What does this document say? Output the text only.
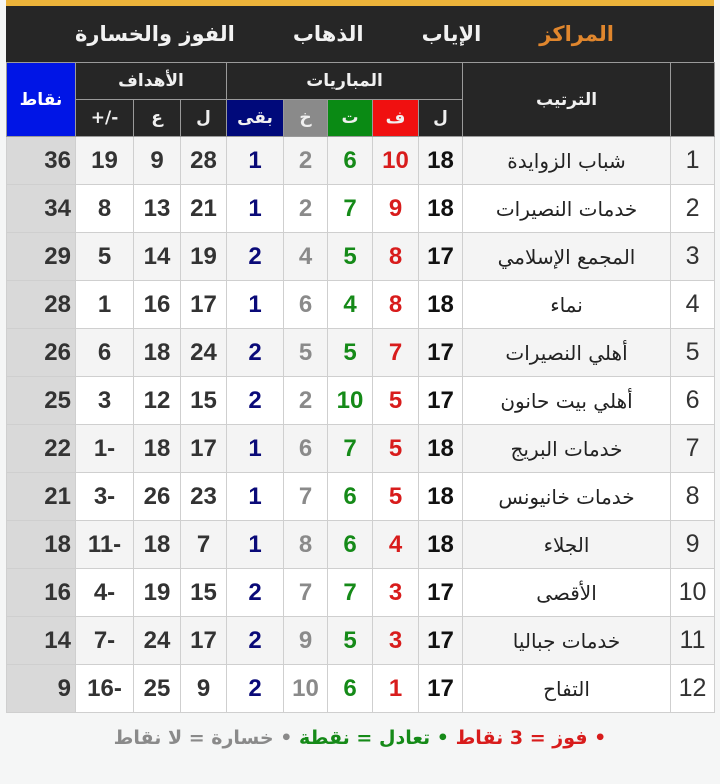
المراكز
الإياب
الذهاب
الفوز والخسارة
نقاط	الأهداف			المباريات					الترتيب	
	+/-	ع	ل	بقى	خ	ت	ف	ل		
36	19	9	28	1	2	6	10	18	شباب الزوايدة	1
34	8	13	21	1	2	7	9	18	خدمات النصيرات	2
29	5	14	19	2	4	5	8	17	المجمع الإسلامي	3
28	1	16	17	1	6	4	8	18	نماء	4
26	6	18	24	2	5	5	7	17	أهلي النصيرات	5
25	3	12	15	2	2	10	5	17	أهلي بيت حانون	6
22	1-	18	17	1	6	7	5	18	خدمات البريج	7
21	3-	26	23	1	7	6	5	18	خدمات خانيونس	8
18	11-	18	7	1	8	6	4	18	الجلاء	9
16	4-	19	15	2	7	7	3	17	الأقصى	10
14	7-	24	17	2	9	5	3	17	خدمات جباليا	11
9	16-	25	9	2	10	6	1	17	التفاح	12
• فوز = 3 نقاط • تعادل = نقطة • خسارة = لا نقاط
